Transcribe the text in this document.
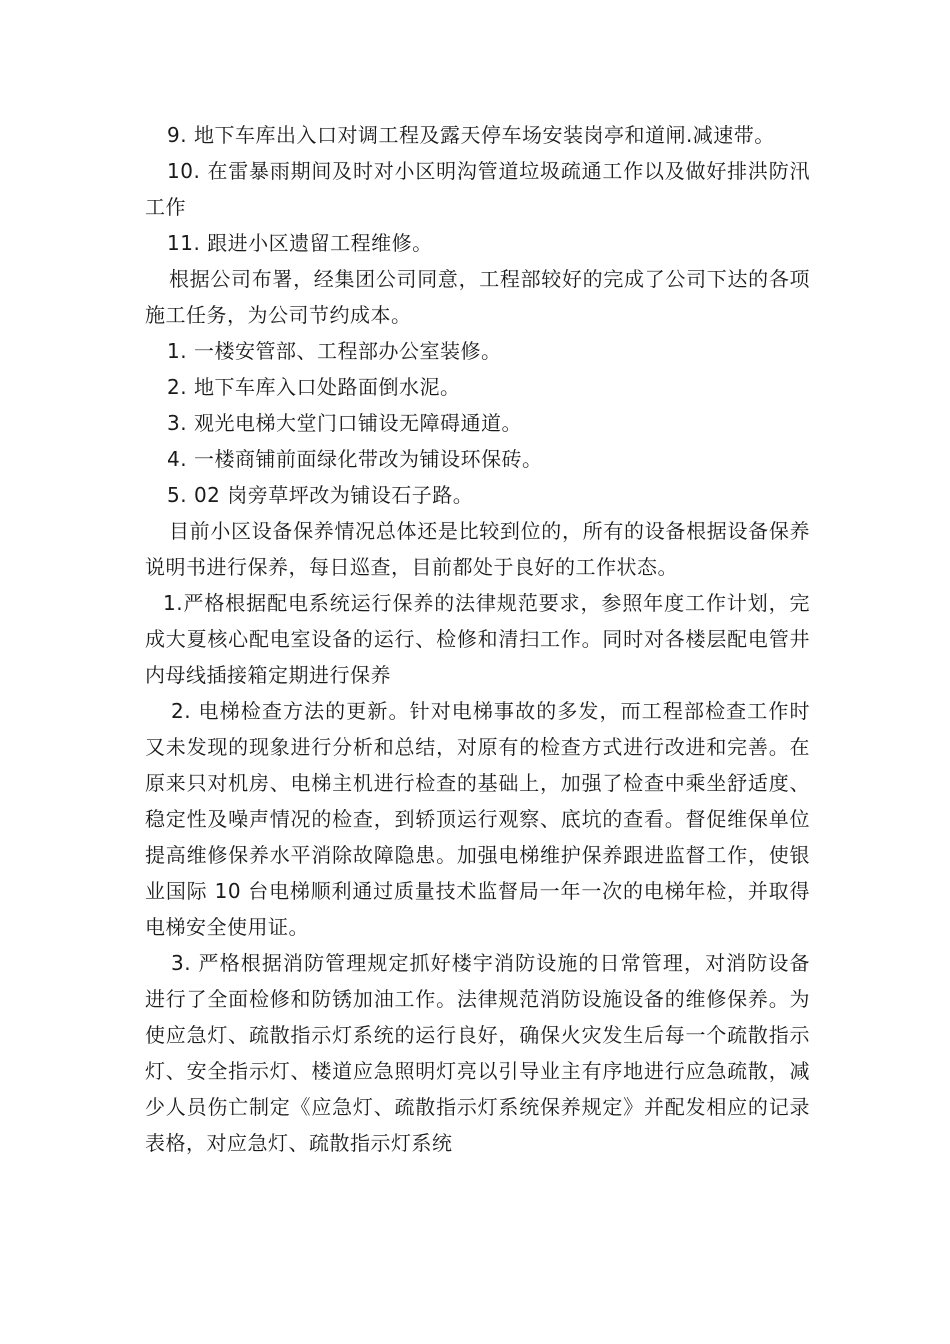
9. 地下车库出入口对调工程及露天停车场安装岗亭和道闸.减速带。

10. 在雷暴雨期间及时对小区明沟管道垃圾疏通工作以及做好排洪防汛工作

11. 跟进小区遗留工程维修。

根据公司布署，经集团公司同意，工程部较好的完成了公司下达的各项施工任务，为公司节约成本。

1. 一楼安管部、工程部办公室装修。

2. 地下车库入口处路面倒水泥。

3. 观光电梯大堂门口铺设无障碍通道。

4. 一楼商铺前面绿化带改为铺设环保砖。

5. 02 岗旁草坪改为铺设石子路。

目前小区设备保养情况总体还是比较到位的，所有的设备根据设备保养说明书进行保养，每日巡查，目前都处于良好的工作状态。

1.严格根据配电系统运行保养的法律规范要求，参照年度工作计划，完成大夏核心配电室设备的运行、检修和清扫工作。同时对各楼层配电管井内母线插接箱定期进行保养

2. 电梯检查方法的更新。针对电梯事故的多发，而工程部检查工作时又未发现的现象进行分析和总结，对原有的检查方式进行改进和完善。在原来只对机房、电梯主机进行检查的基础上，加强了检查中乘坐舒适度、稳定性及噪声情况的检查，到轿顶运行观察、底坑的查看。督促维保单位提高维修保养水平消除故障隐患。加强电梯维护保养跟进监督工作，使银业国际 10 台电梯顺利通过质量技术监督局一年一次的电梯年检，并取得电梯安全使用证。

3. 严格根据消防管理规定抓好楼宇消防设施的日常管理，对消防设备进行了全面检修和防锈加油工作。法律规范消防设施设备的维修保养。为使应急灯、疏散指示灯系统的运行良好，确保火灾发生后每一个疏散指示灯、安全指示灯、楼道应急照明灯亮以引导业主有序地进行应急疏散，减少人员伤亡制定《应急灯、疏散指示灯系统保养规定》并配发相应的记录表格，对应急灯、疏散指示灯系统
